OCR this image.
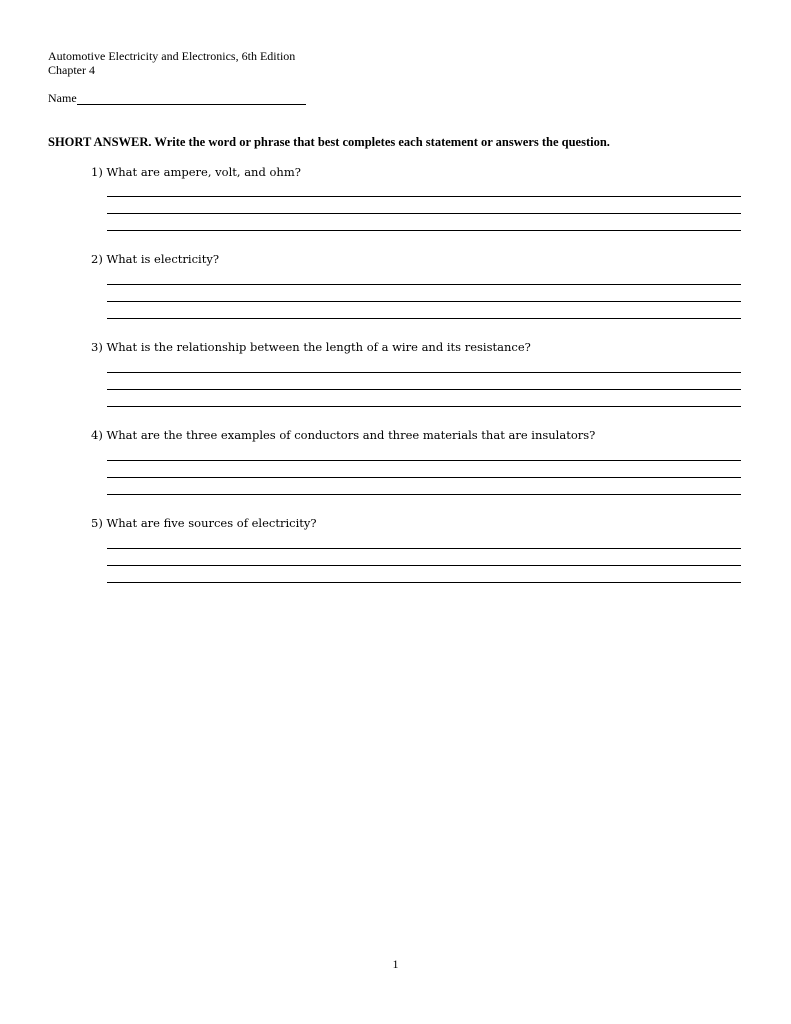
Automotive Electricity and Electronics, 6th Edition
Chapter 4
Name
SHORT ANSWER. Write the word or phrase that best completes each statement or answers the question.
1) What are ampere, volt, and ohm?
2) What is electricity?
3) What is the relationship between the length of a wire and its resistance?
4) What are the three examples of conductors and three materials that are insulators?
5) What are five sources of electricity?
1
